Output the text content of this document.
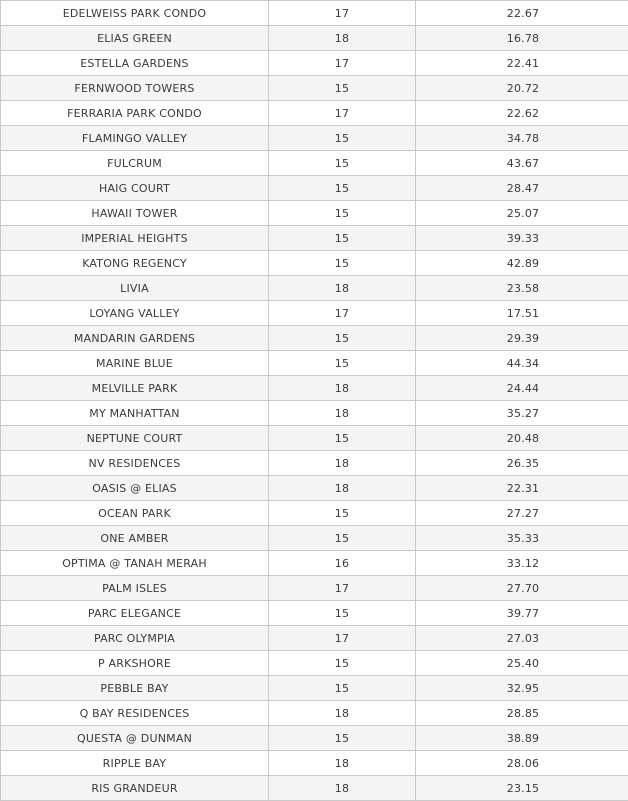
EDELWEISS PARK CONDO	17	22.67
ELIAS GREEN	18	16.78
ESTELLA GARDENS	17	22.41
FERNWOOD TOWERS	15	20.72
FERRARIA PARK CONDO	17	22.62
FLAMINGO VALLEY	15	34.78
FULCRUM	15	43.67
HAIG COURT	15	28.47
HAWAII TOWER	15	25.07
IMPERIAL HEIGHTS	15	39.33
KATONG REGENCY	15	42.89
LIVIA	18	23.58
LOYANG VALLEY	17	17.51
MANDARIN GARDENS	15	29.39
MARINE BLUE	15	44.34
MELVILLE PARK	18	24.44
MY MANHATTAN	18	35.27
NEPTUNE COURT	15	20.48
NV RESIDENCES	18	26.35
OASIS @ ELIAS	18	22.31
OCEAN PARK	15	27.27
ONE AMBER	15	35.33
OPTIMA @ TANAH MERAH	16	33.12
PALM ISLES	17	27.70
PARC ELEGANCE	15	39.77
PARC OLYMPIA	17	27.03
P ARKSHORE	15	25.40
PEBBLE BAY	15	32.95
Q BAY RESIDENCES	18	28.85
QUESTA @ DUNMAN	15	38.89
RIPPLE BAY	18	28.06
RIS GRANDEUR	18	23.15
